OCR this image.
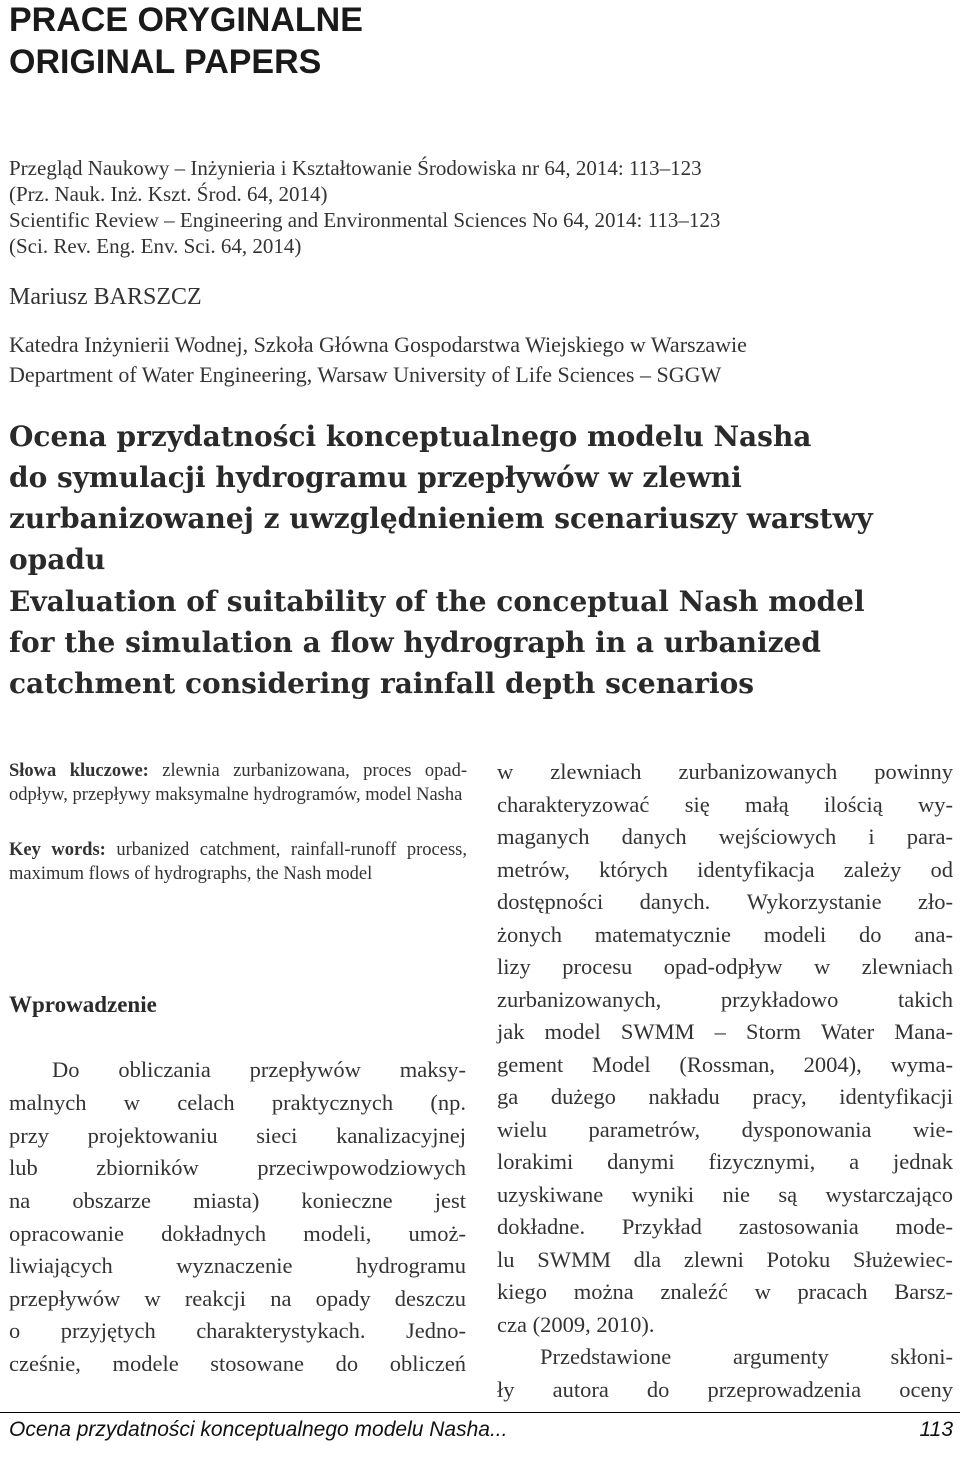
PRACE ORYGINALNE
ORIGINAL PAPERS
Przegląd Naukowy – Inżynieria i Kształtowanie Środowiska nr 64, 2014: 113–123
(Prz. Nauk. Inż. Kszt. Środ. 64, 2014)
Scientific Review – Engineering and Environmental Sciences No 64, 2014: 113–123
(Sci. Rev. Eng. Env. Sci. 64, 2014)
Mariusz BARSZCZ
Katedra Inżynierii Wodnej, Szkoła Główna Gospodarstwa Wiejskiego w Warszawie
Department of Water Engineering, Warsaw University of Life Sciences – SGGW
Ocena przydatności konceptualnego modelu Nasha
do symulacji hydrogramu przepływów w zlewni
zurbanizowanej z uwzględnieniem scenariuszy warstwy
opadu
Evaluation of suitability of the conceptual Nash model
for the simulation a flow hydrograph in a urbanized
catchment considering rainfall depth scenarios
Słowa kluczowe: zlewnia zurbanizowana, proces opad-odpływ, przepływy maksymalne hydrogramów, model Nasha
Key words: urbanized catchment, rainfall-runoff process, maximum flows of hydrographs, the Nash model
Wprowadzenie
Do obliczania przepływów maksy-
malnych w celach praktycznych (np.
przy projektowaniu sieci kanalizacyjnej
lub	zbiorników	przeciwpowodziowych
na obszarze miasta) konieczne jest
opracowanie dokładnych modeli, umoż-
liwiających	wyznaczenie	hydrogramu
przepływów w reakcji na opady deszczu
o przyjętych charakterystykach. Jedno-
cześnie, modele stosowane do obliczeń
w zlewniach zurbanizowanych powinny
charakteryzować się małą ilością wy-
maganych danych wejściowych i para-
metrów, których identyfikacja zależy od
dostępności danych. Wykorzystanie zło-
żonych matematycznie modeli do ana-
lizy procesu opad-odpływ w zlewniach
zurbanizowanych,	przykładowo	takich
jak model SWMM – Storm Water Mana-
gement Model (Rossman, 2004), wyma-
ga dużego nakładu pracy, identyfikacji
wielu parametrów, dysponowania wie-
lorakimi danymi fizycznymi, a jednak
uzyskiwane wyniki nie są wystarczająco
dokładne. Przykład zastosowania mode-
lu SWMM dla zlewni Potoku Służewiec-
kiego można znaleźć w pracach Barsz-
cza (2009, 2010).
Przedstawione	argumenty	skłoni-
ły autora do przeprowadzenia oceny
Ocena przydatności konceptualnego modelu Nasha...	113
